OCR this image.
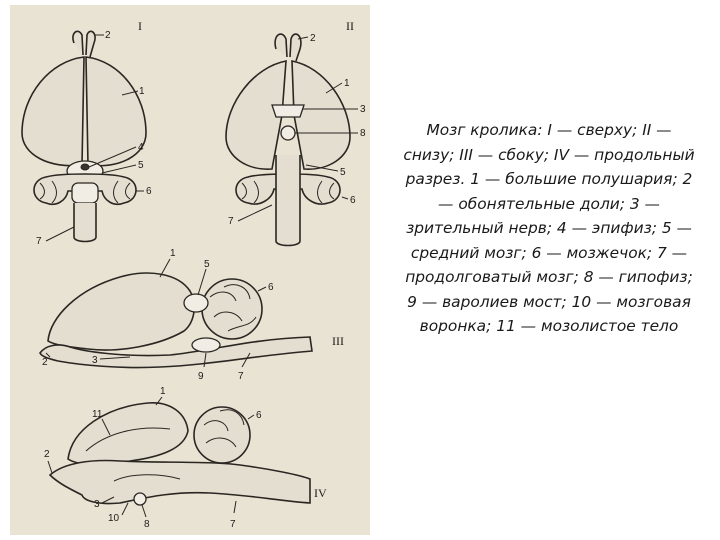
I
2
1
4
5
6
7
II
2
1
3
8
5
6
7
III
1
5
6
2	3
9	7
IV
1
11	6
2
3
10
8	7

Мозг кролика: I — сверху; II — снизу; III — сбоку; IV — продольный разрез. 1 — большие полушария; 2 — обонятельные доли; 3 — зрительный нерв; 4 — эпифиз; 5 — средний мозг; 6 — мозжечок; 7 — продолговатый мозг; 8 — гипофиз; 9 — варолиев мост; 10 — мозговая воронка; 11 — мозолистое тело
